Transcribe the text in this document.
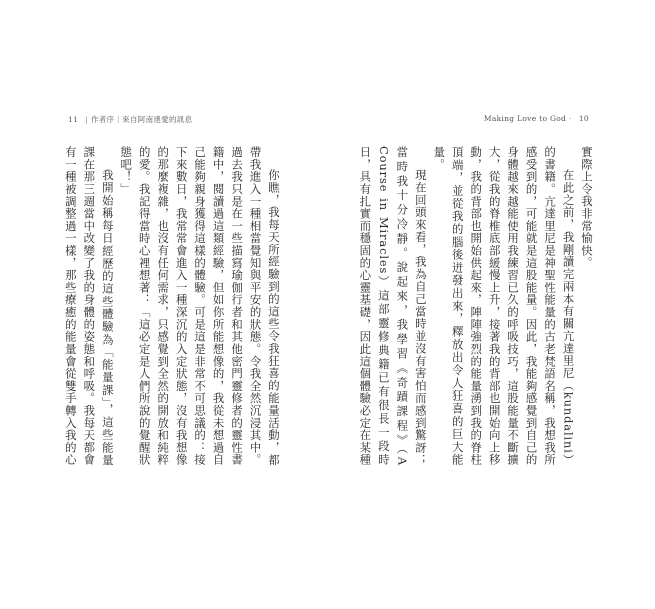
11 | 作者序｜來自阿南達愛的訊息

你瞧，我每天所經驗到的這些令我狂喜的能量活動，都帶我進入一種相當覺知與平安的狀態。令我全然沉浸其中。過去我只是在一些描寫瑜伽行者和其他密門靈修者的靈性書籍中，閱讀過這類經驗，但如你所能想像的，我從未想過自己能夠親身獲得這樣的體驗。可是這是非常不可思議的：接下來數日，我常常會進入一種深沉的入定狀態，沒有我想像的那麼複雜，也沒有任何需求，只感覺到全然的開放和純粹的愛。我記得當時心裡想著：「這必定是人們所說的覺醒狀態吧！」

我開始稱每日經歷的這些體驗為「能量課」，這些能量課在那三週當中改變了我的身體的姿態和呼吸。我每天都會有一種被調整過一樣，那些療癒的能量會從雙手轉入我的心

Making Love to God · 10

實際上令我非常愉快。

在此之前，我剛讀完兩本有關亢達里尼（kundalini）的書籍。亢達里尼是神聖性能量的古老梵語名稱，我想我所感受到的，可能就是這股能量。因此，我能夠感覺到自己的身體越來越能使用我練習已久的呼吸技巧，這股能量不斷擴大，從我的脊椎底部緩慢上升，接著我的背部也開始向上移動，我的背部也開始供起來，陣陣強烈的能量湧到我的脊柱頂端，並從我的腦後迸發出來，釋放出令人狂喜的巨大能量。

現在回頭來看，我為自己當時並沒有害怕而感到驚訝；當時我十分冷靜。說起來，我學習《奇蹟課程》（A Course in Miracles）這部靈修典籍已有很長一段時日，具有扎實而穩固的心靈基礎，因此這個體驗必定在某種
